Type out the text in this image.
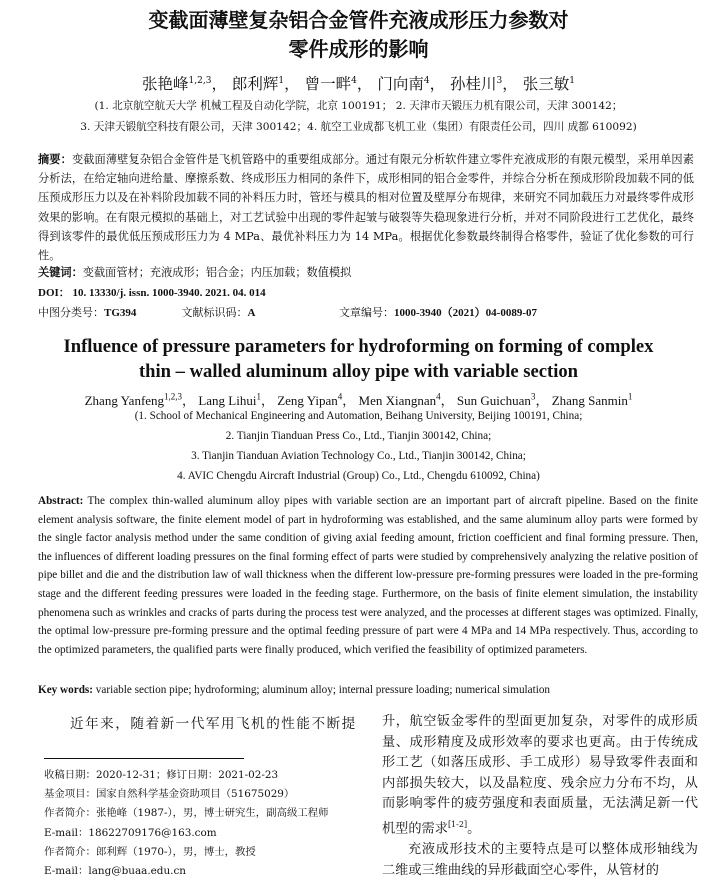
变截面薄壁复杂铝合金管件充液成形压力参数对
零件成形的影响
张艳峰$^{1,2,3}$， 郎利辉$^1$， 曾一畔$^4$， 门向南$^4$， 孙桂川$^3$， 张三敏$^1$
(1. 北京航空航天大学 机械工程及自动化学院，北京 100191； 2. 天津市天锻压力机有限公司，天津 300142；
3. 天津天锻航空科技有限公司，天津 300142；4. 航空工业成都飞机工业（集团）有限责任公司，四川 成都 610092)
摘要：变截面薄壁复杂铝合金管件是飞机管路中的重要组成部分。通过有限元分析软件建立零件充液成形的有限元模型，采用单因素分析法，在给定轴向进给量、摩擦系数、终成形压力相同的条件下，成形相同的铝合金零件，并综合分析在预成形阶段加载不同的低压预成形压力以及在补料阶段加载不同的补料压力时，管坯与模具的相对位置及壁厚分布规律，来研究不同加载压力对最终零件成形效果的影响。在有限元模拟的基础上，对工艺试验中出现的零件起皱与破裂等失稳现象进行分析，并对不同阶段进行工艺优化，最终得到该零件的最优低压预成形压力为 4 MPa、最优补料压力为 14 MPa。根据优化参数最终制得合格零件，验证了优化参数的可行性。
关键词：变截面管材；充液成形；铝合金；内压加载；数值模拟
DOI： 10. 13330/j. issn. 1000-3940. 2021. 04. 014
中图分类号：TG394	文献标识码：A	文章编号：1000-3940（2021）04-0089-07
Influence of pressure parameters for hydroforming on forming of complex
thin – walled aluminum alloy pipe with variable section
Zhang Yanfeng$^{1,2,3}$， Lang Lihui$^1$， Zeng Yipan$^4$， Men Xiangnan$^4$， Sun Guichuan$^3$， Zhang Sanmin$^1$
(1. School of Mechanical Engineering and Automation, Beihang University, Beijing 100191, China;
2. Tianjin Tianduan Press Co., Ltd., Tianjin 300142, China;
3. Tianjin Tianduan Aviation Technology Co., Ltd., Tianjin 300142, China;
4. AVIC Chengdu Aircraft Industrial (Group) Co., Ltd., Chengdu 610092, China)
Abstract: The complex thin-walled aluminum alloy pipes with variable section are an important part of aircraft pipeline. Based on the finite element analysis software, the finite element model of part in hydroforming was established, and the same aluminum alloy parts were formed by the single factor analysis method under the same condition of giving axial feeding amount, friction coefficient and final forming pressure. Then, the influences of different loading pressures on the final forming effect of parts were studied by comprehensively analyzing the relative position of pipe billet and die and the distribution law of wall thickness when the different low-pressure pre-forming pressures were loaded in the pre-forming stage and the different feeding pressures were loaded in the feeding stage. Furthermore, on the basis of finite element simulation, the instability phenomena such as wrinkles and cracks of parts during the process test were analyzed, and the processes at different stages was optimized. Finally, the optimal low-pressure pre-forming pressure and the optimal feeding pressure of part were 4 MPa and 14 MPa respectively. Thus, according to the optimized parameters, the qualified parts were finally produced, which verified the feasibility of optimized parameters.
Key words: variable section pipe; hydroforming; aluminum alloy; internal pressure loading; numerical simulation
近年来，随着新一代军用飞机的性能不断提
收稿日期：2020-12-31；修订日期：2021-02-23
基金项目：国家自然科学基金资助项目（51675029）
作者简介：张艳峰（1987-），男，博士研究生，副高级工程师
E-mail：18622709176@163.com
作者简介：郎利辉（1970-），男，博士，教授
E-mail：lang@buaa.edu.cn

升，航空钣金零件的型面更加复杂，对零件的成形质量、成形精度及成形效率的要求也更高。由于传统成形工艺（如落压成形、手工成形）易导致零件表面和内部损失较大，以及晶粒度、残余应力分布不均，从而影响零件的疲劳强度和表面质量，无法满足新一代机型的需求[1-2]。

充液成形技术的主要特点是可以整体成形轴线为二维或三维曲线的异形截面空心零件，从管材的
